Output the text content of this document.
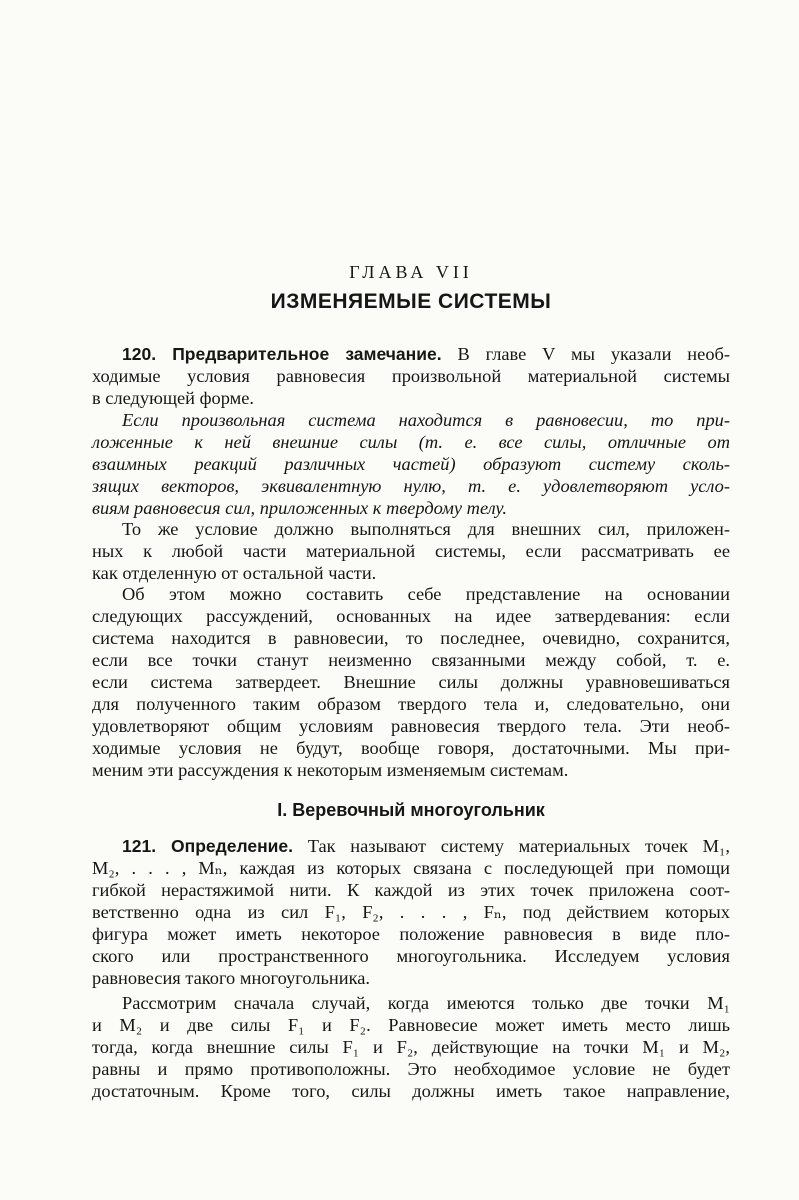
ГЛАВА VII
ИЗМЕНЯЕМЫЕ СИСТЕМЫ
120. Предварительное замечание. В главе V мы указали необ-
ходимые условия равновесия произвольной материальной системы
в следующей форме.
Если произвольная система находится в равновесии, то при-
ложенные к ней внешние силы (т. е. все силы, отличные от
взаимных реакций различных частей) образуют систему сколь-
зящих векторов, эквивалентную нулю, т. е. удовлетворяют усло-
виям равновесия сил, приложенных к твердому телу.
То же условие должно выполняться для внешних сил, приложен-
ных к любой части материальной системы, если рассматривать ее
как отделенную от остальной части.
Об этом можно составить себе представление на основании
следующих рассуждений, основанных на идее затвердевания: если
система находится в равновесии, то последнее, очевидно, сохранится,
если все точки станут неизменно связанными между собой, т. е.
если система затвердеет. Внешние силы должны уравновешиваться
для полученного таким образом твердого тела и, следовательно, они
удовлетворяют общим условиям равновесия твердого тела. Эти необ-
ходимые условия не будут, вообще говоря, достаточными. Мы при-
меним эти рассуждения к некоторым изменяемым системам.
I. Веревочный многоугольник
121. Определение. Так называют систему материальных точек M₁,
M₂, . . . , Mₙ, каждая из которых связана с последующей при помощи
гибкой нерастяжимой нити. К каждой из этих точек приложена соот-
ветственно одна из сил F₁, F₂, . . . , Fₙ, под действием которых
фигура может иметь некоторое положение равновесия в виде пло-
ского или пространственного многоугольника. Исследуем условия
равновесия такого многоугольника.
Рассмотрим сначала случай, когда имеются только две точки M₁
и M₂ и две силы F₁ и F₂. Равновесие может иметь место лишь
тогда, когда внешние силы F₁ и F₂, действующие на точки M₁ и M₂,
равны и прямо противоположны. Это необходимое условие не будет
достаточным. Кроме того, силы должны иметь такое направление,
